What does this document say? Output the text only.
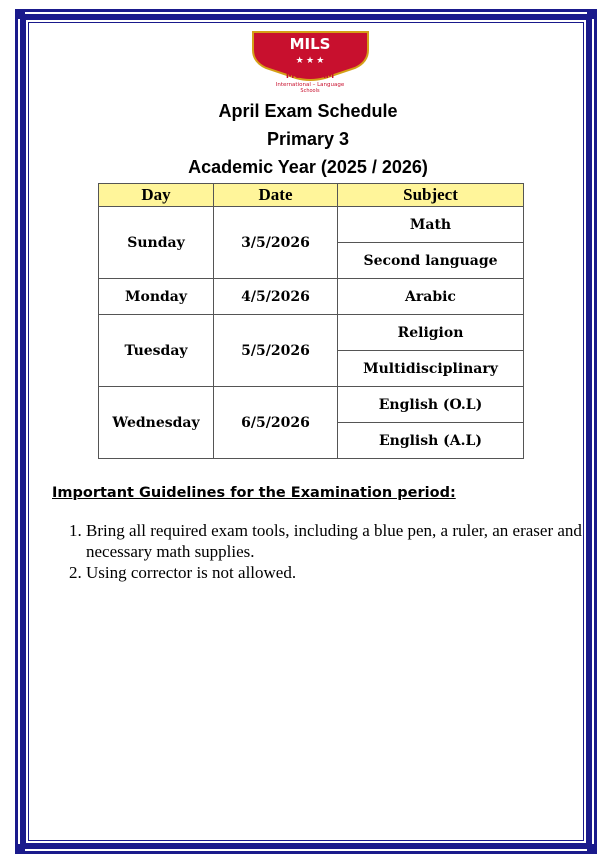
MILS
★ ★ ★
MOKATAM
International – Language
Schools
April Exam Schedule
Primary 3
Academic Year (2025 / 2026)
Day	Date	Subject
Sunday	3/5/2026	Math
		Second language
Monday	4/5/2026	Arabic
Tuesday	5/5/2026	Religion
		Multidisciplinary
Wednesday	6/5/2026	English (O.L)
		English (A.L)
Important Guidelines for the Examination period:
1. Bring all required exam tools, including a blue pen, a ruler, an eraser and necessary math supplies.
2. Using corrector is not allowed.
